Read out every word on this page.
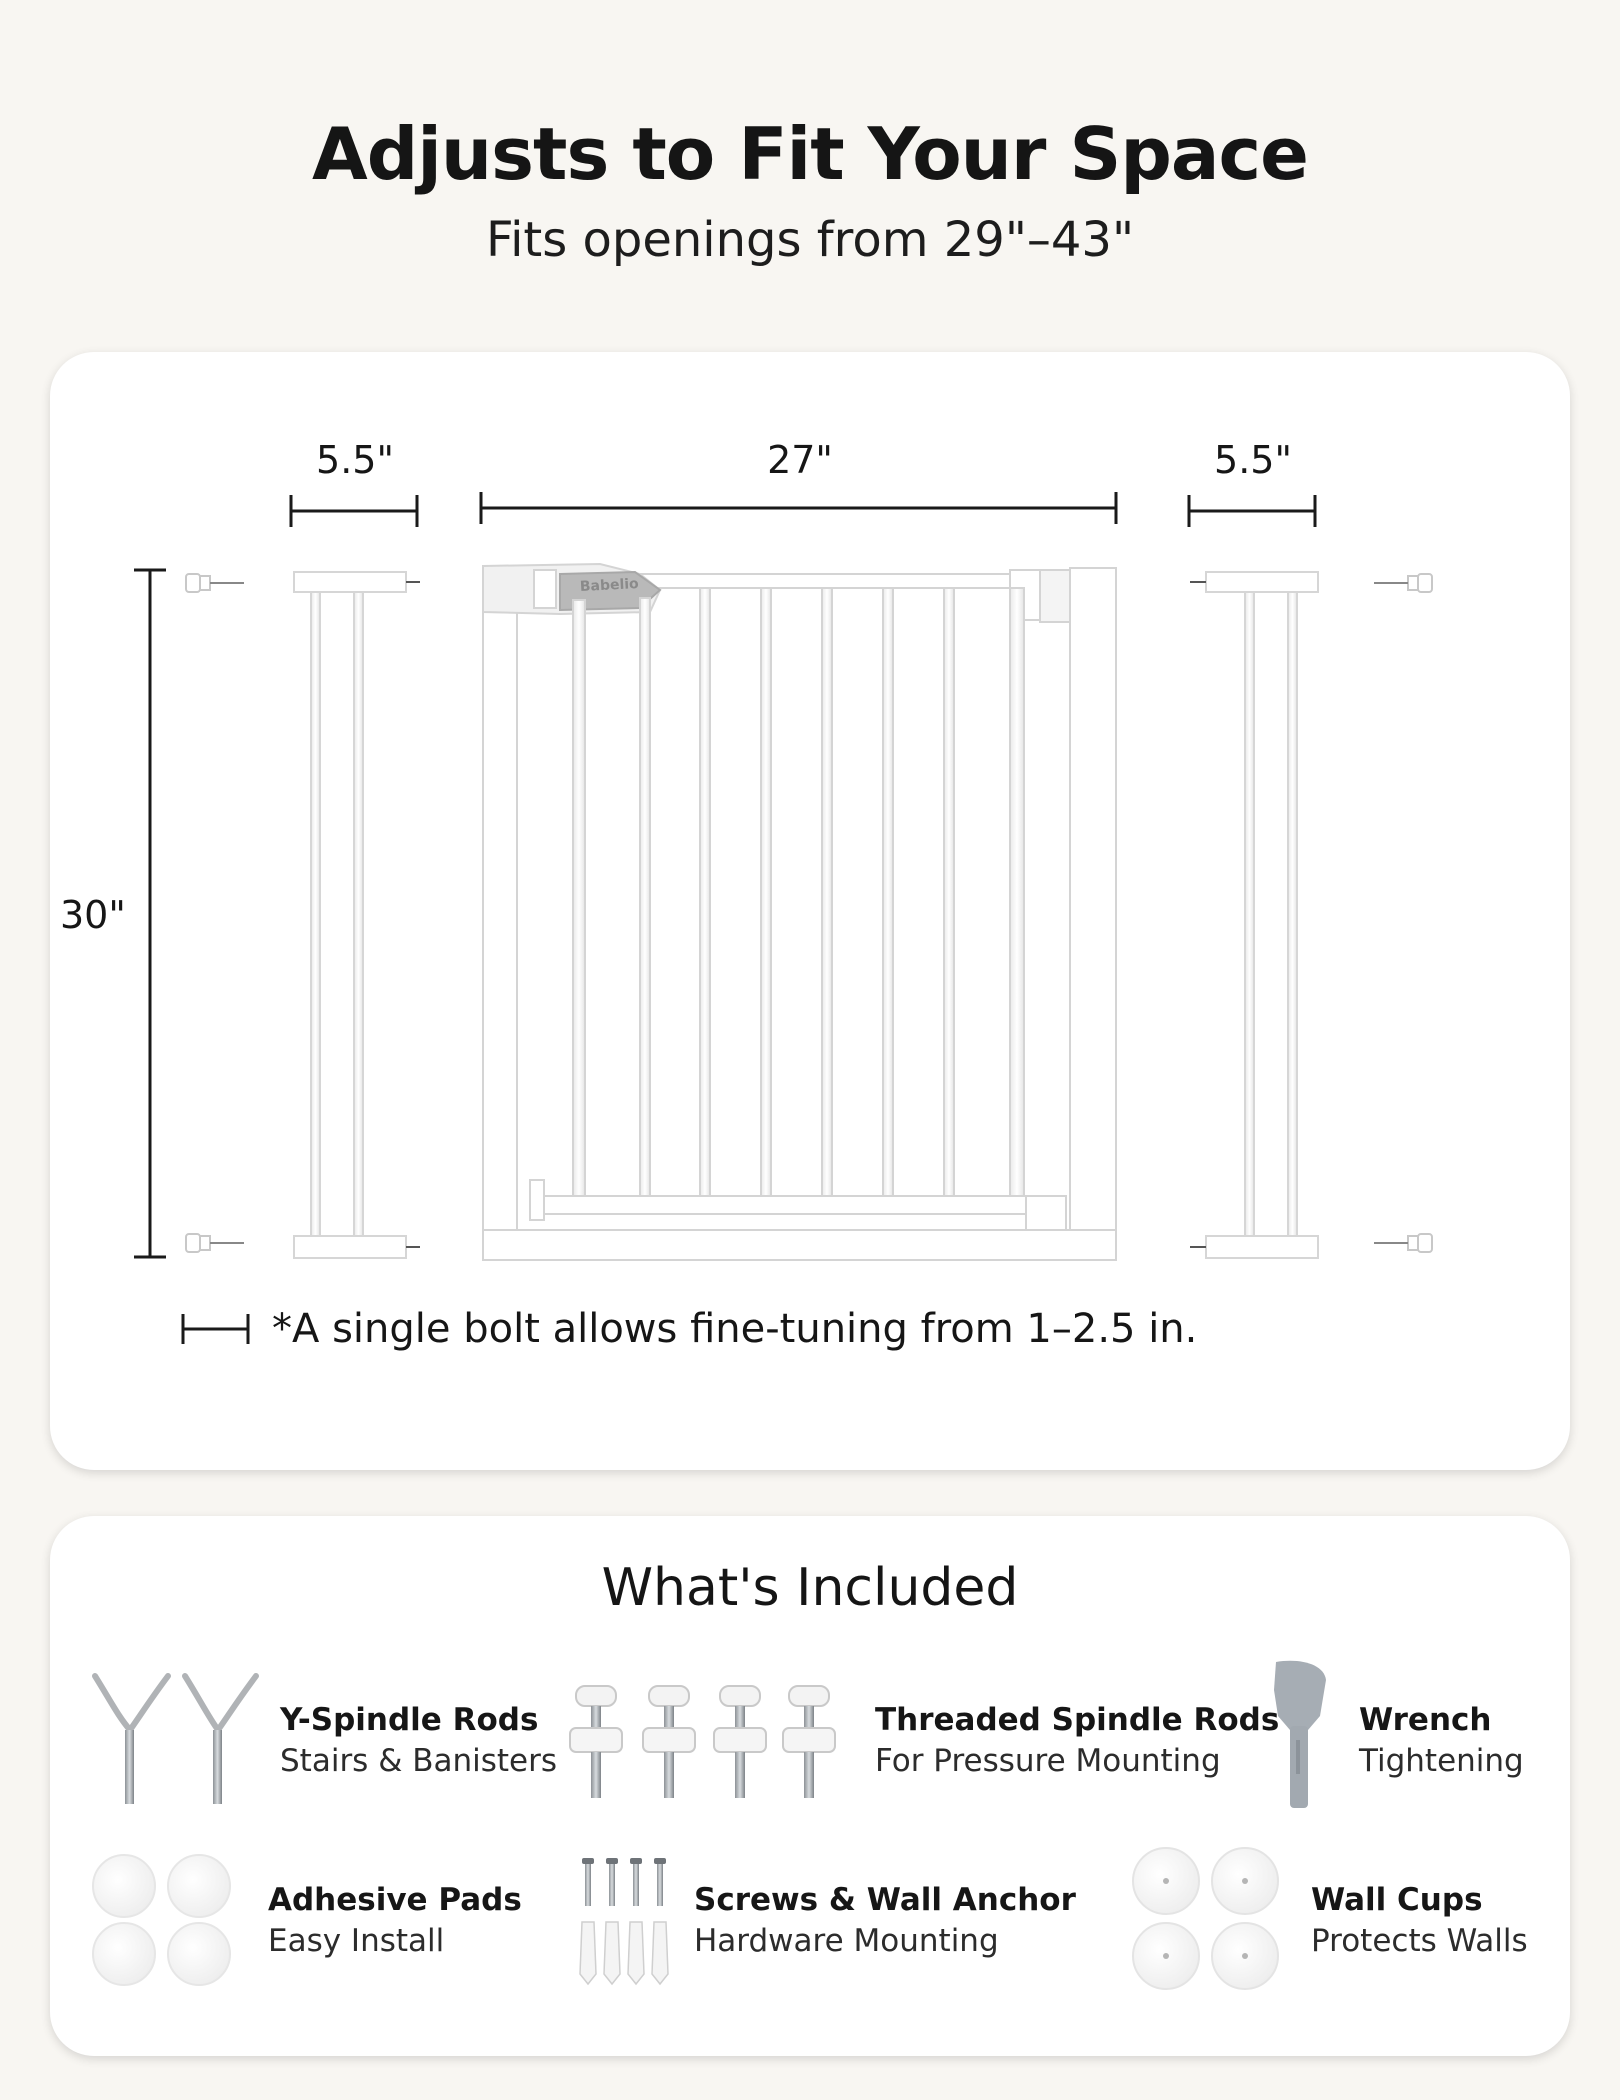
Adjusts to Fit Your Space
Fits openings from 29"–43"
Babelio
5.5"	27"	5.5"
30"
*A single bolt allows fine-tuning from 1–2.5 in.
What's Included
Y-Spindle Rods
Stairs & Banisters
Threaded Spindle Rods
For Pressure Mounting
Wrench
Tightening
Adhesive Pads
Easy Install
Screws & Wall Anchor
Hardware Mounting
Wall Cups
Protects Walls
